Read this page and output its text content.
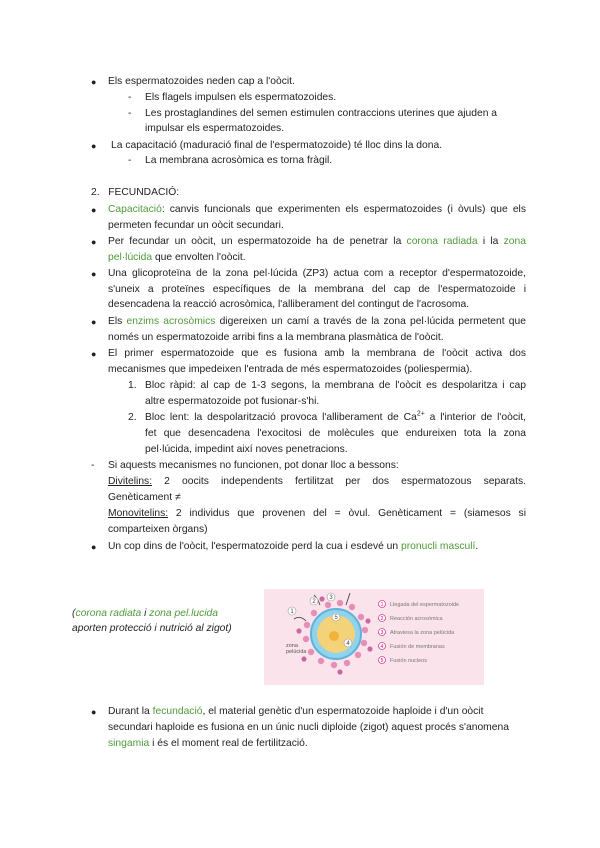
● Els espermatozoides neden cap a l'oòcit.
- Els flagels impulsen els espermatozoides.
- Les prostaglandines del semen estimulen contraccions uterines que ajuden a
impulsar els espermatozoides.
● La capacitació (maduració final de l'espermatozoide) té lloc dins la dona.
- La membrana acrosòmica es torna fràgil.
2. FECUNDACIÓ:
● Capacitació: canvis funcionals que experimenten els espermatozoides (i òvuls) que els
permeten fecundar un oòcit secundari.
● Per fecundar un oòcit, un espermatozoide ha de penetrar la corona radiada i la zona
pel·lúcida que envolten l'oòcit.
● Una glicoproteïna de la zona pel·lúcida (ZP3) actua com a receptor d'espermatozoide,
s'uneix a proteïnes específiques de la membrana del cap de l'espermatozoide i
desencadena la reacció acrosòmica, l'alliberament del contingut de l'acrosoma.
● Els enzims acrosòmics digereixen un camí a través de la zona pel·lúcida permetent que
només un espermatozoide arribi fins a la membrana plasmàtica de l'oòcit.
● El primer espermatozoide que es fusiona amb la membrana de l'oòcit activa dos
mecanismes que impedeixen l'entrada de més espermatozoides (poliespermia).
1. Bloc ràpid: al cap de 1-3 segons, la membrana de l'oòcit es despolaritza i cap
altre espermatozoide pot fusionar-s'hi.
2. Bloc lent: la despolarització provoca l'alliberament de $Ca^{2+}$ a l'interior de l'oòcit,
fet que desencadena l'exocitosi de molècules que endureixen tota la zona
pel·lúcida, impedint així noves penetracions.
- Si aquests mecanismes no funcionen, pot donar lloc a bessons:
Divitelins: 2 oocits independents fertilitzat per dos espermatozous separats.
Genèticament ≠
Monovitelins: 2 individus que provenen del = òvul. Genèticament = (siamesos si
comparteixen òrgans)
● Un cop dins de l'oòcit, l'espermatozoide perd la cua i esdevé un pronucli masculí.
(corona radiata i zona pel.lucida
aporten protecció i nutrició al zigot)
1
2
3
4
5
zona
pelúcida
1 Llegada del espermatozoide
2 Reacción acrosómica
3 Atraviesa la zona pelúcida
4 Fusión de membranas
5 Fusión nucleos
● Durant la fecundació, el material genètic d'un espermatozoide haploide i d'un oòcit
secundari haploide es fusiona en un únic nucli diploide (zigot) aquest procés s'anomena
singamia i és el moment real de fertilització.
